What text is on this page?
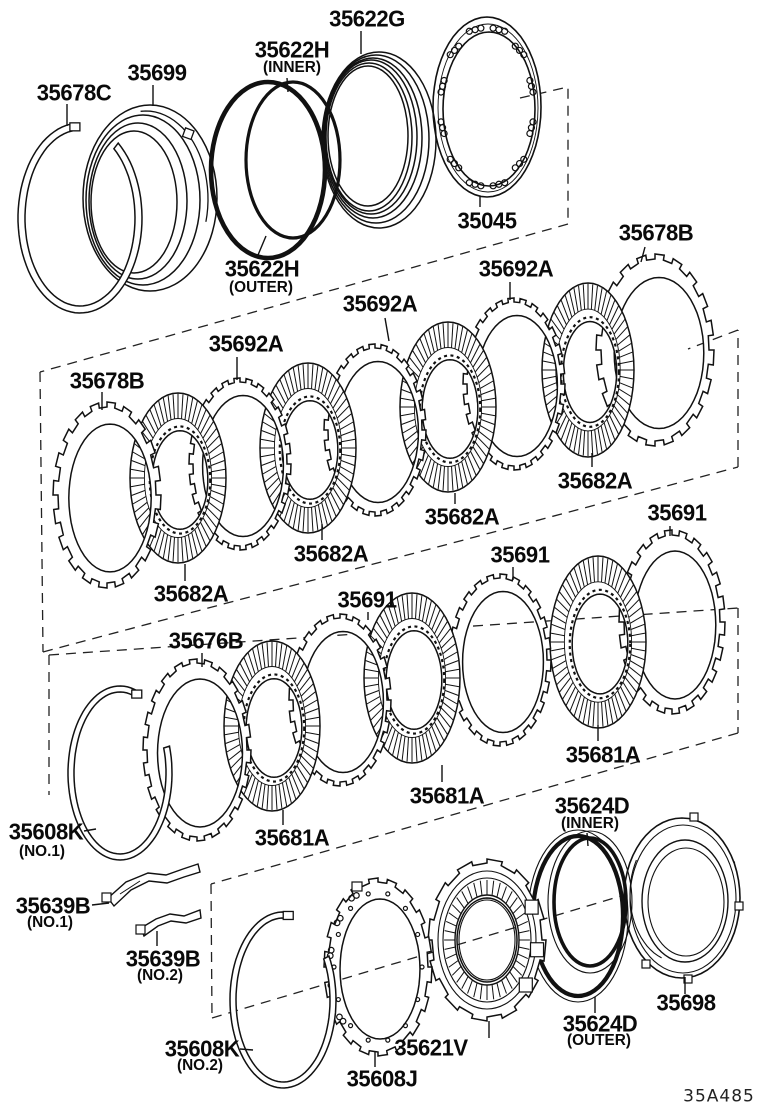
35678C
35699
35622H
(INNER)
35622G
35045
35622H
(OUTER)
35678B
35692A
35692A
35692A
35678B
35682A
35682A
35682A
35682A
35676B
35691
35691
35691
35681A
35681A
35681A
35608K
(NO.1)
35639B
(NO.1)
35639B
(NO.2)
35608K
(NO.2)	35608J
35621V
35624D
(INNER)
35624D
(OUTER)
35698
35A485
